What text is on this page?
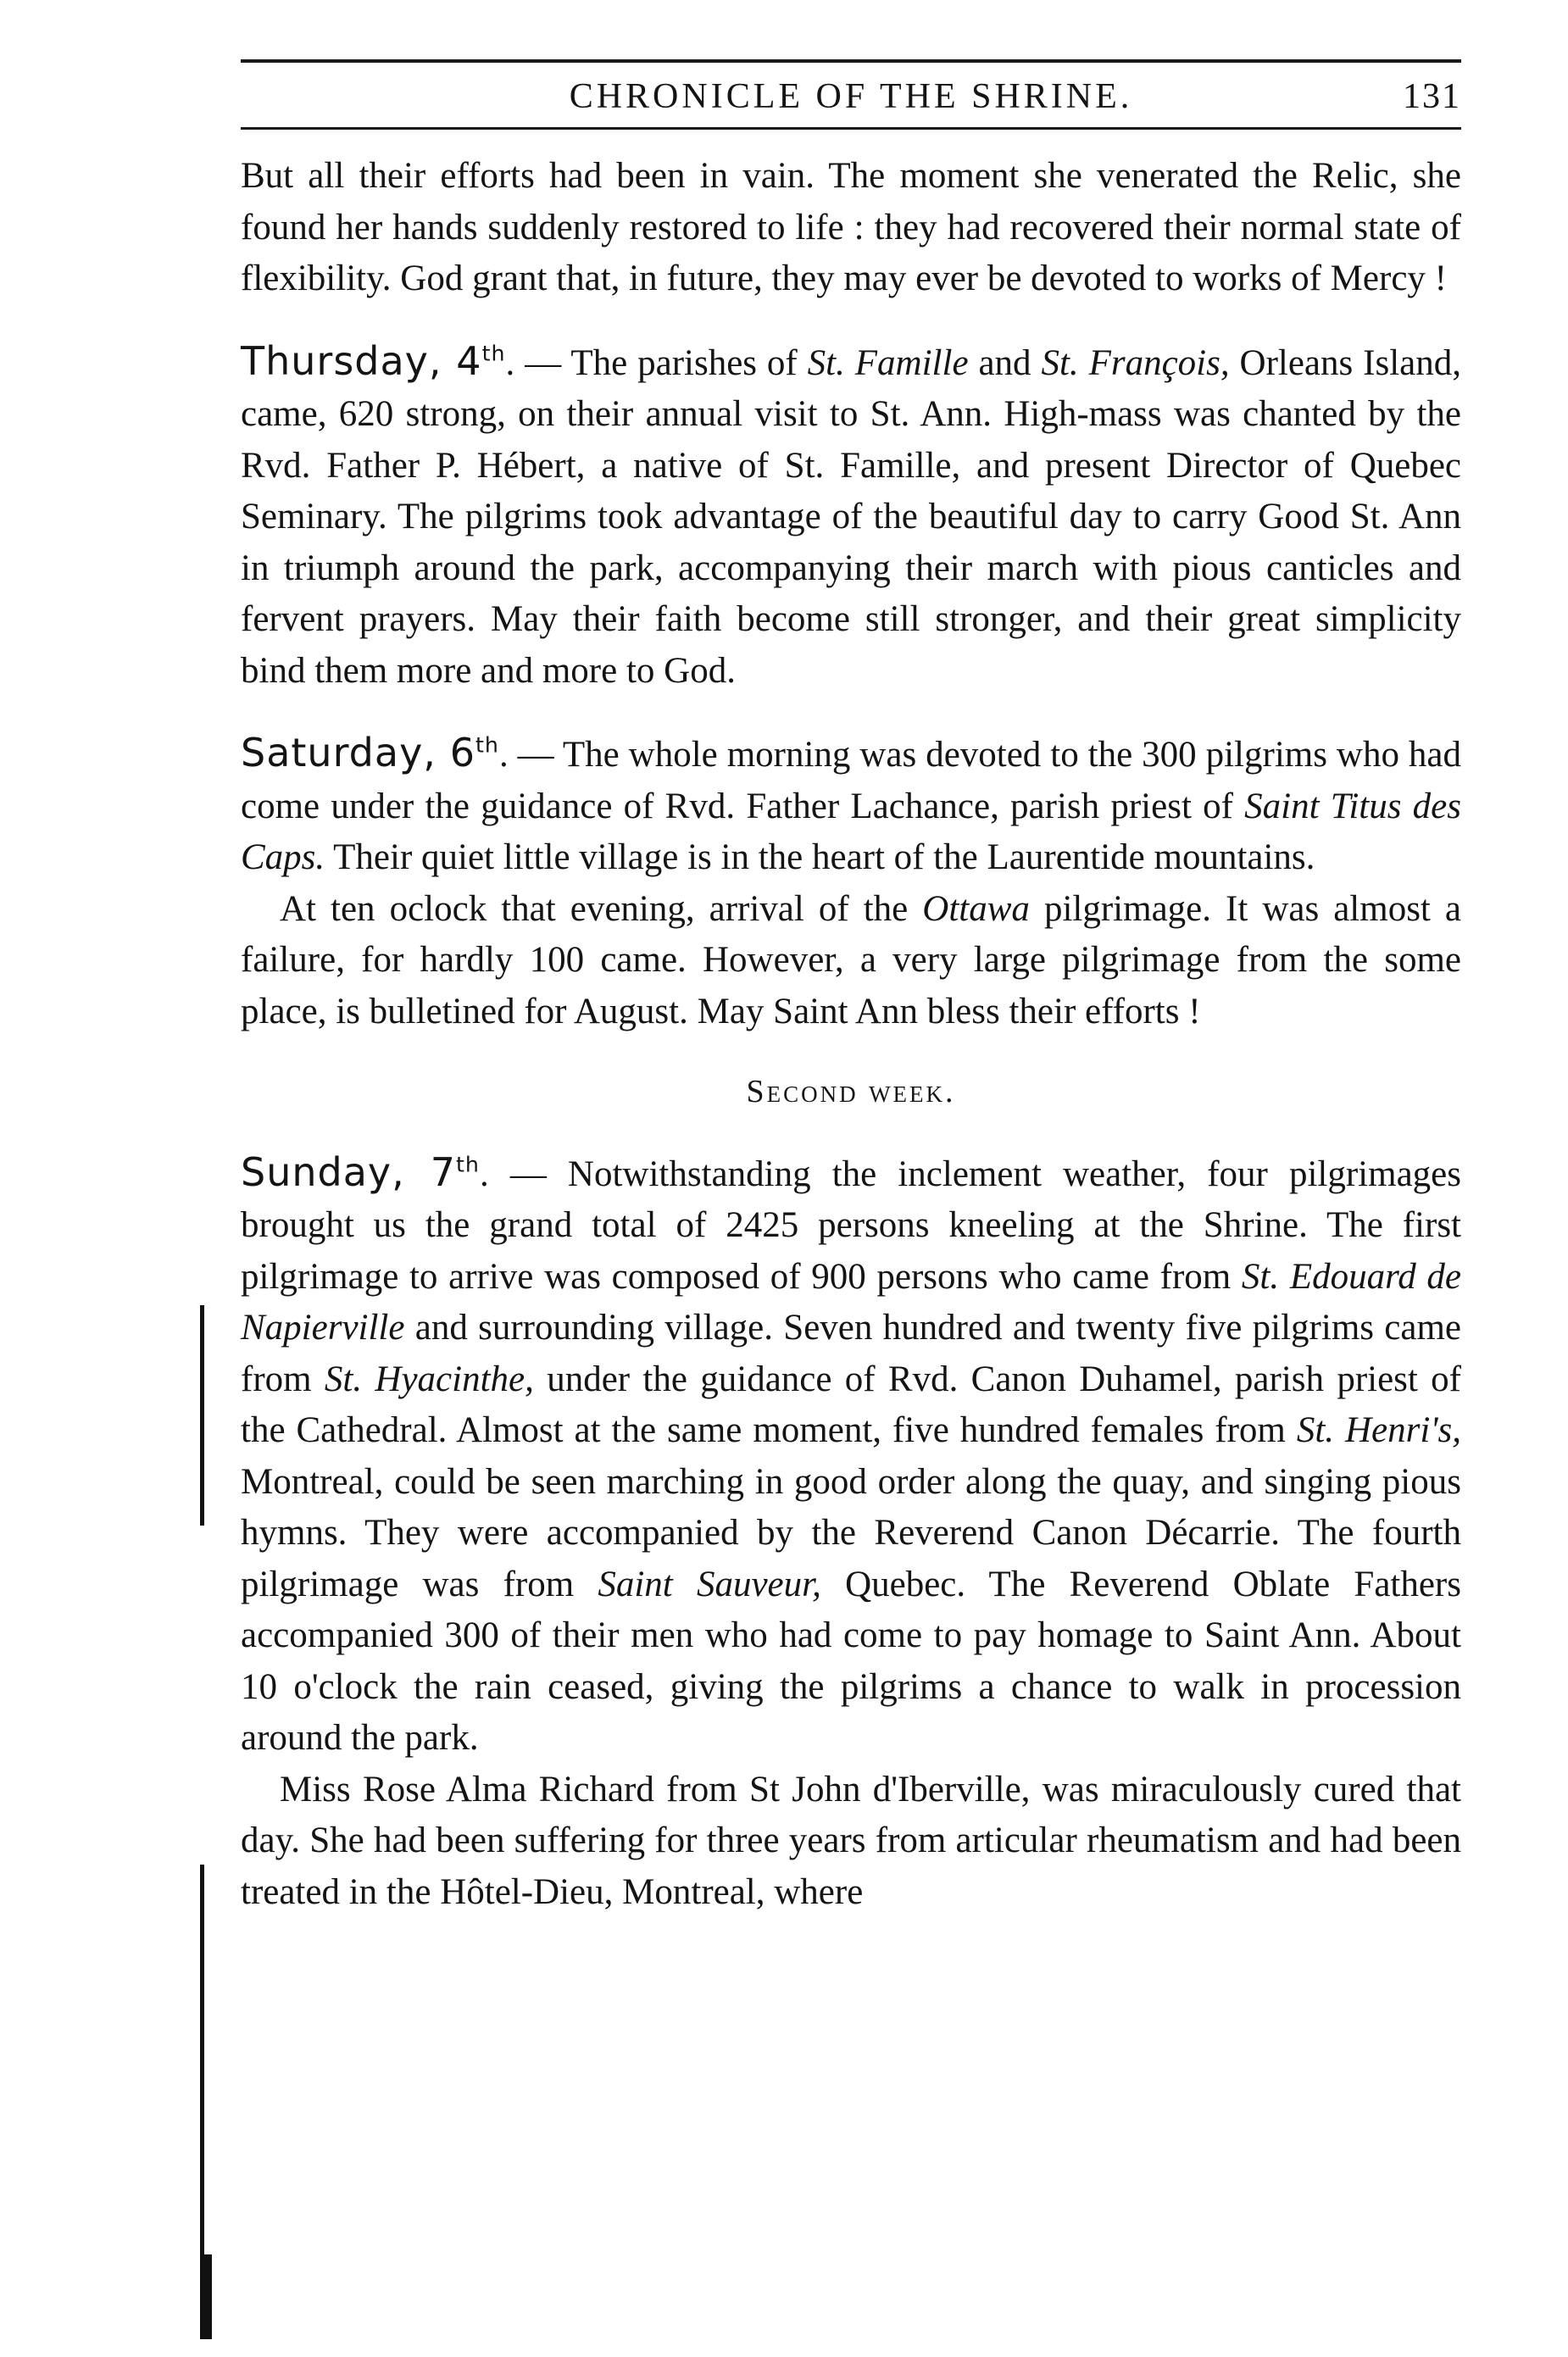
CHRONICLE OF THE SHRINE.	131

But all their efforts had been in vain. The moment she venerated the Relic, she found her hands suddenly restored to life : they had recovered their normal state of flexibility. God grant that, in future, they may ever be devoted to works of Mercy !

Thursday, 4th. — The parishes of St. Famille and St. François, Orleans Island, came, 620 strong, on their annual visit to St. Ann. High-mass was chanted by the Rvd. Father P. Hébert, a native of St. Famille, and present Director of Quebec Seminary. The pilgrims took advantage of the beautiful day to carry Good St. Ann in triumph around the park, accompanying their march with pious canticles and fervent prayers. May their faith become still stronger, and their great simplicity bind them more and more to God.

Saturday, 6th. — The whole morning was devoted to the 300 pilgrims who had come under the guidance of Rvd. Father Lachance, parish priest of Saint Titus des Caps. Their quiet little village is in the heart of the Laurentide mountains.

At ten oclock that evening, arrival of the Ottawa pilgrimage. It was almost a failure, for hardly 100 came. However, a very large pilgrimage from the some place, is bulletined for August. May Saint Ann bless their efforts !

Second week.

Sunday, 7th. — Notwithstanding the inclement weather, four pilgrimages brought us the grand total of 2425 persons kneeling at the Shrine. The first pilgrimage to arrive was composed of 900 persons who came from St. Edouard de Napierville and surrounding village. Seven hundred and twenty five pilgrims came from St. Hyacinthe, under the guidance of Rvd. Canon Duhamel, parish priest of the Cathedral. Almost at the same moment, five hundred females from St. Henri's, Montreal, could be seen marching in good order along the quay, and singing pious hymns. They were accompanied by the Reverend Canon Décarrie. The fourth pilgrimage was from Saint Sauveur, Quebec. The Reverend Oblate Fathers accompanied 300 of their men who had come to pay homage to Saint Ann. About 10 o'clock the rain ceased, giving the pilgrims a chance to walk in procession around the park.

Miss Rose Alma Richard from St John d'Iberville, was miraculously cured that day. She had been suffering for three years from articular rheumatism and had been treated in the Hôtel-Dieu, Montreal, where
